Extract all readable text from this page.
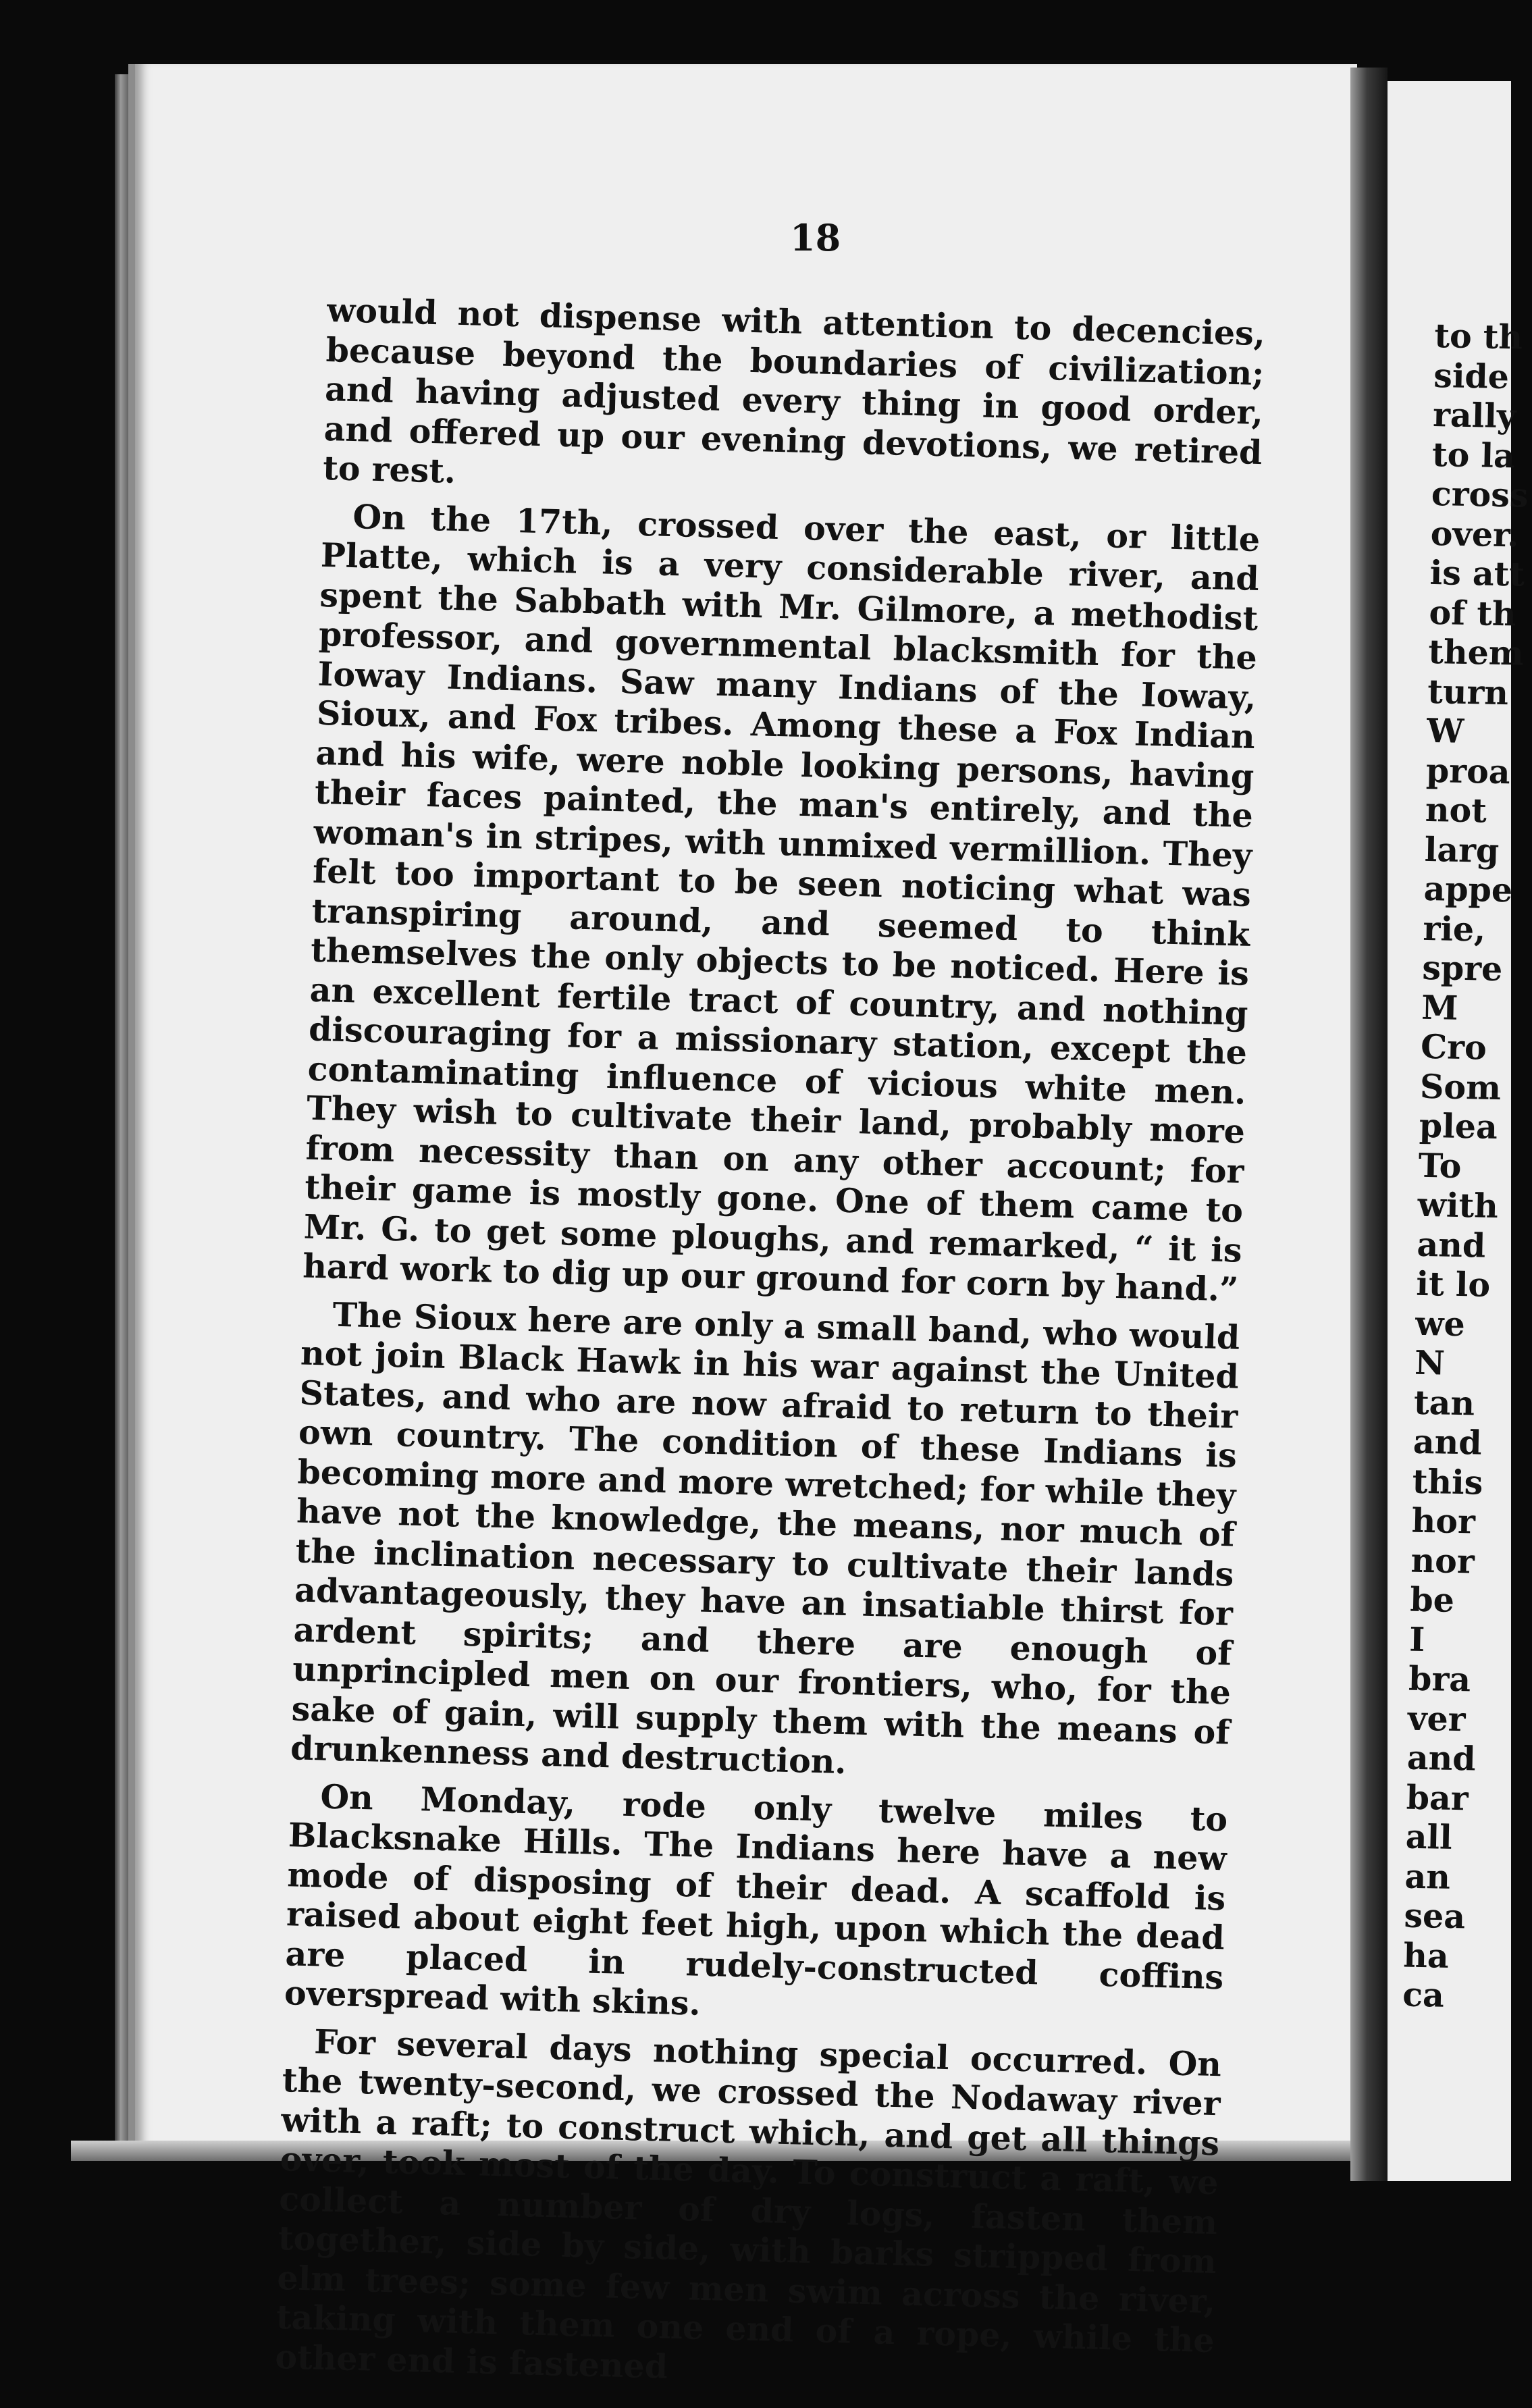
18

would not dispense with attention to decencies, because beyond the boundaries of civilization; and having adjusted every thing in good order, and offered up our evening devotions, we retired to rest.

On the 17th, crossed over the east, or little Platte, which is a very considerable river, and spent the Sabbath with Mr. Gilmore, a methodist professor, and governmental blacksmith for the Ioway Indians. Saw many Indians of the Ioway, Sioux, and Fox tribes. Among these a Fox Indian and his wife, were noble looking persons, having their faces painted, the man's entirely, and the woman's in stripes, with unmixed vermillion. They felt too important to be seen noticing what was transpiring around, and seemed to think themselves the only objects to be noticed. Here is an excellent fertile tract of country, and nothing discouraging for a missionary station, except the contaminating influence of vicious white men. They wish to cultivate their land, probably more from necessity than on any other account; for their game is mostly gone. One of them came to Mr. G. to get some ploughs, and remarked, “ it is hard work to dig up our ground for corn by hand.”

The Sioux here are only a small band, who would not join Black Hawk in his war against the United States, and who are now afraid to return to their own country. The condition of these Indians is becoming more and more wretched; for while they have not the knowledge, the means, nor much of the inclination necessary to cultivate their lands advantageously, they have an insatiable thirst for ardent spirits; and there are enough of unprincipled men on our frontiers, who, for the sake of gain, will supply them with the means of drunkenness and destruction.

On Monday, rode only twelve miles to Blacksnake Hills. The Indians here have a new mode of disposing of their dead. A scaffold is raised about eight feet high, upon which the dead are placed in rudely-constructed coffins overspread with skins.

For several days nothing special occurred. On the twenty-second, we crossed the Nodaway river with a raft; to construct which, and get all things over, took most of the day. To construct a raft, we collect a number of dry logs, fasten them together, side by side, with barks stripped from elm trees; some few men swim across the river, taking with them one end of a rope, while the other end is fastened

to th
side
rally
to la
cross
over.
is att
of th
them
turn
W
proa
not
larg
appe
rie,
spre
M
Cro
Som
plea
To
with
and
it lo
we
N
tan
and
this
hor
nor
be
I
bra
ver
and
bar
all
an
sea
ha
ca
